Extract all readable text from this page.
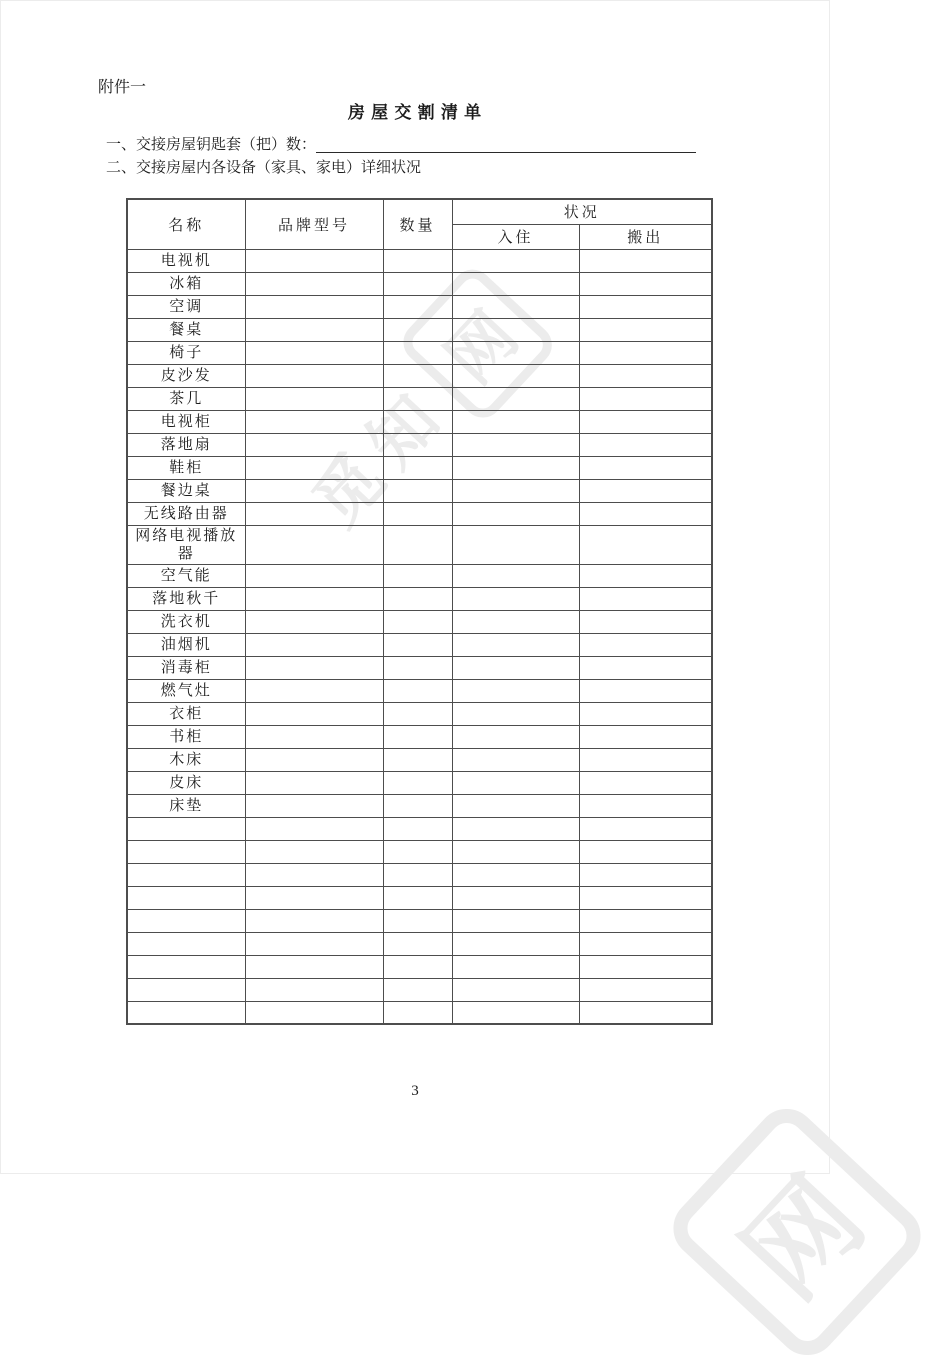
觅知
网
网
附件一
房 屋 交 割 清 单
一、交接房屋钥匙套（把）数：
二、交接房屋内各设备（家具、家电）详细状况
名称	品牌型号	数量	状况	
			入住	搬出
电视机				
冰箱				
空调				
餐桌				
椅子				
皮沙发				
茶几				
电视柜				
落地扇				
鞋柜				
餐边桌				
无线路由器				
网络电视播放器				
空气能				
落地秋千				
洗衣机				
油烟机				
消毒柜				
燃气灶				
衣柜				
书柜				
木床				
皮床				
床垫				

3
